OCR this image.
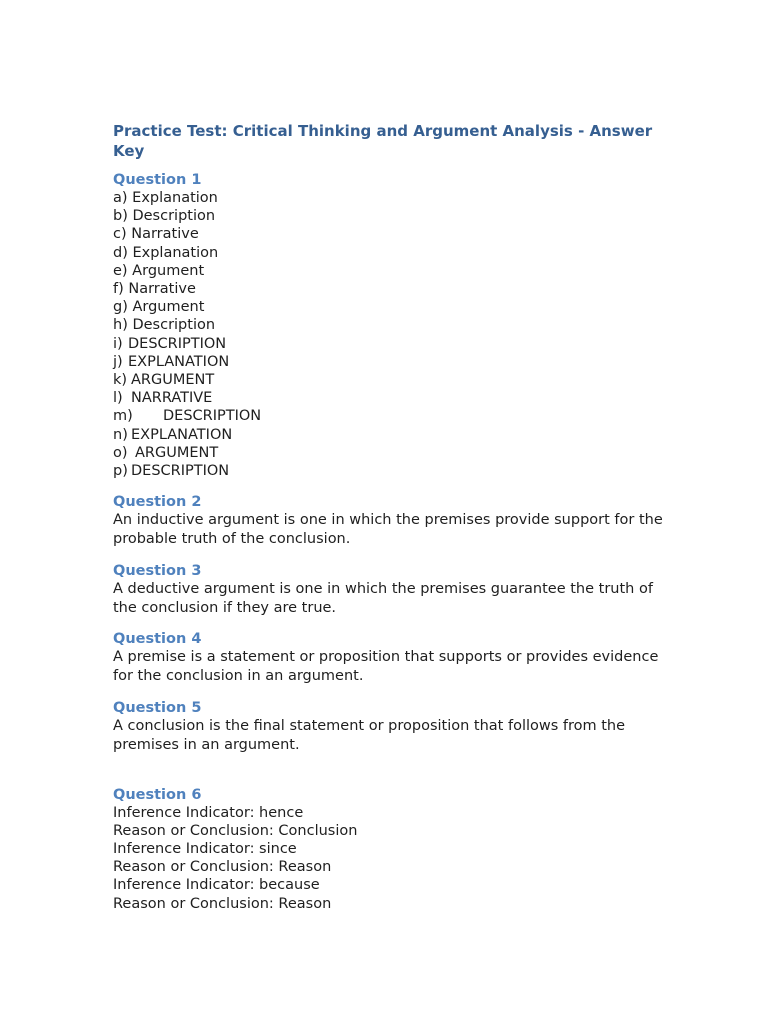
Practice Test: Critical Thinking and Argument Analysis - Answer Key
Question 1
a) Explanation
b) Description
c) Narrative
d) Explanation
e) Argument
f) Narrative
g) Argument
h) Description
i) DESCRIPTION
j) EXPLANATION
k) ARGUMENT
l) NARRATIVE
m)	DESCRIPTION
n) EXPLANATION
o) ARGUMENT
p) DESCRIPTION
Question 2
An inductive argument is one in which the premises provide support for the probable truth of the conclusion.
Question 3
A deductive argument is one in which the premises guarantee the truth of the conclusion if they are true.
Question 4
A premise is a statement or proposition that supports or provides evidence for the conclusion in an argument.
Question 5
A conclusion is the final statement or proposition that follows from the premises in an argument.
Question 6
Inference Indicator: hence
Reason or Conclusion: Conclusion
Inference Indicator: since
Reason or Conclusion: Reason
Inference Indicator: because
Reason or Conclusion: Reason
